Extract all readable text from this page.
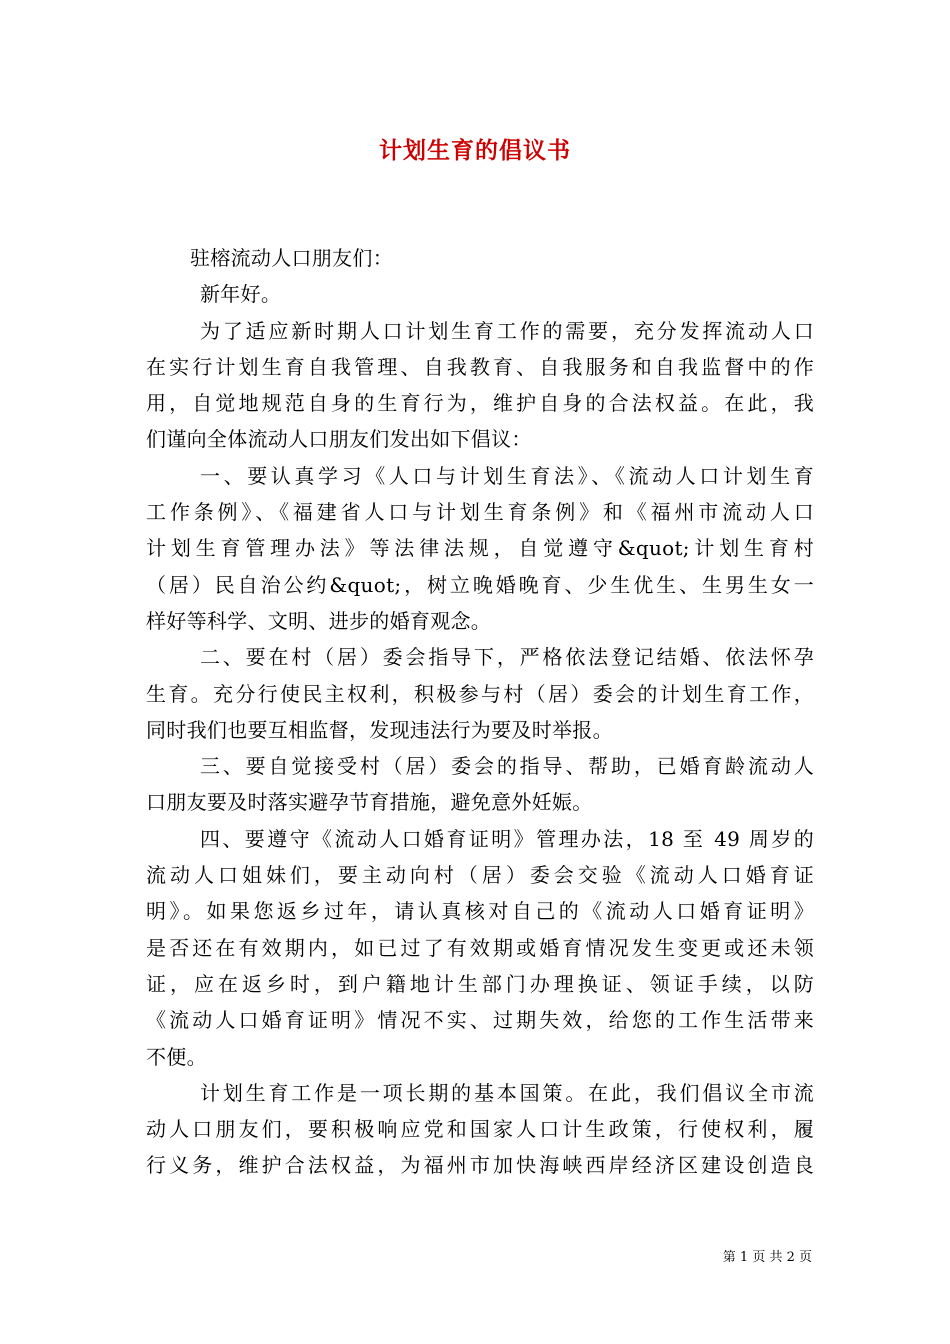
计划生育的倡议书
驻榕流动人口朋友们：
新年好。
为了适应新时期人口计划生育工作的需要，充分发挥流动人口
在实行计划生育自我管理、自我教育、自我服务和自我监督中的作
用，自觉地规范自身的生育行为，维护自身的合法权益。在此，我
们谨向全体流动人口朋友们发出如下倡议：
一、要认真学习《人口与计划生育法》、《流动人口计划生育
工作条例》、《福建省人口与计划生育条例》和《福州市流动人口
计划生育管理办法》等法律法规，自觉遵守&quot;计划生育村
（居）民自治公约&quot;，树立晚婚晚育、少生优生、生男生女一
样好等科学、文明、进步的婚育观念。
二、要在村（居）委会指导下，严格依法登记结婚、依法怀孕
生育。充分行使民主权利，积极参与村（居）委会的计划生育工作，
同时我们也要互相监督，发现违法行为要及时举报。
三、要自觉接受村（居）委会的指导、帮助，已婚育龄流动人
口朋友要及时落实避孕节育措施，避免意外妊娠。
四、要遵守《流动人口婚育证明》管理办法，18 至 49 周岁的
流动人口姐妹们，要主动向村（居）委会交验《流动人口婚育证
明》。如果您返乡过年，请认真核对自己的《流动人口婚育证明》
是否还在有效期内，如已过了有效期或婚育情况发生变更或还未领
证，应在返乡时，到户籍地计生部门办理换证、领证手续，以防
《流动人口婚育证明》情况不实、过期失效，给您的工作生活带来
不便。
计划生育工作是一项长期的基本国策。在此，我们倡议全市流
动人口朋友们，要积极响应党和国家人口计生政策，行使权利，履
行义务，维护合法权益，为福州市加快海峡西岸经济区建设创造良
第 1 页 共 2 页
